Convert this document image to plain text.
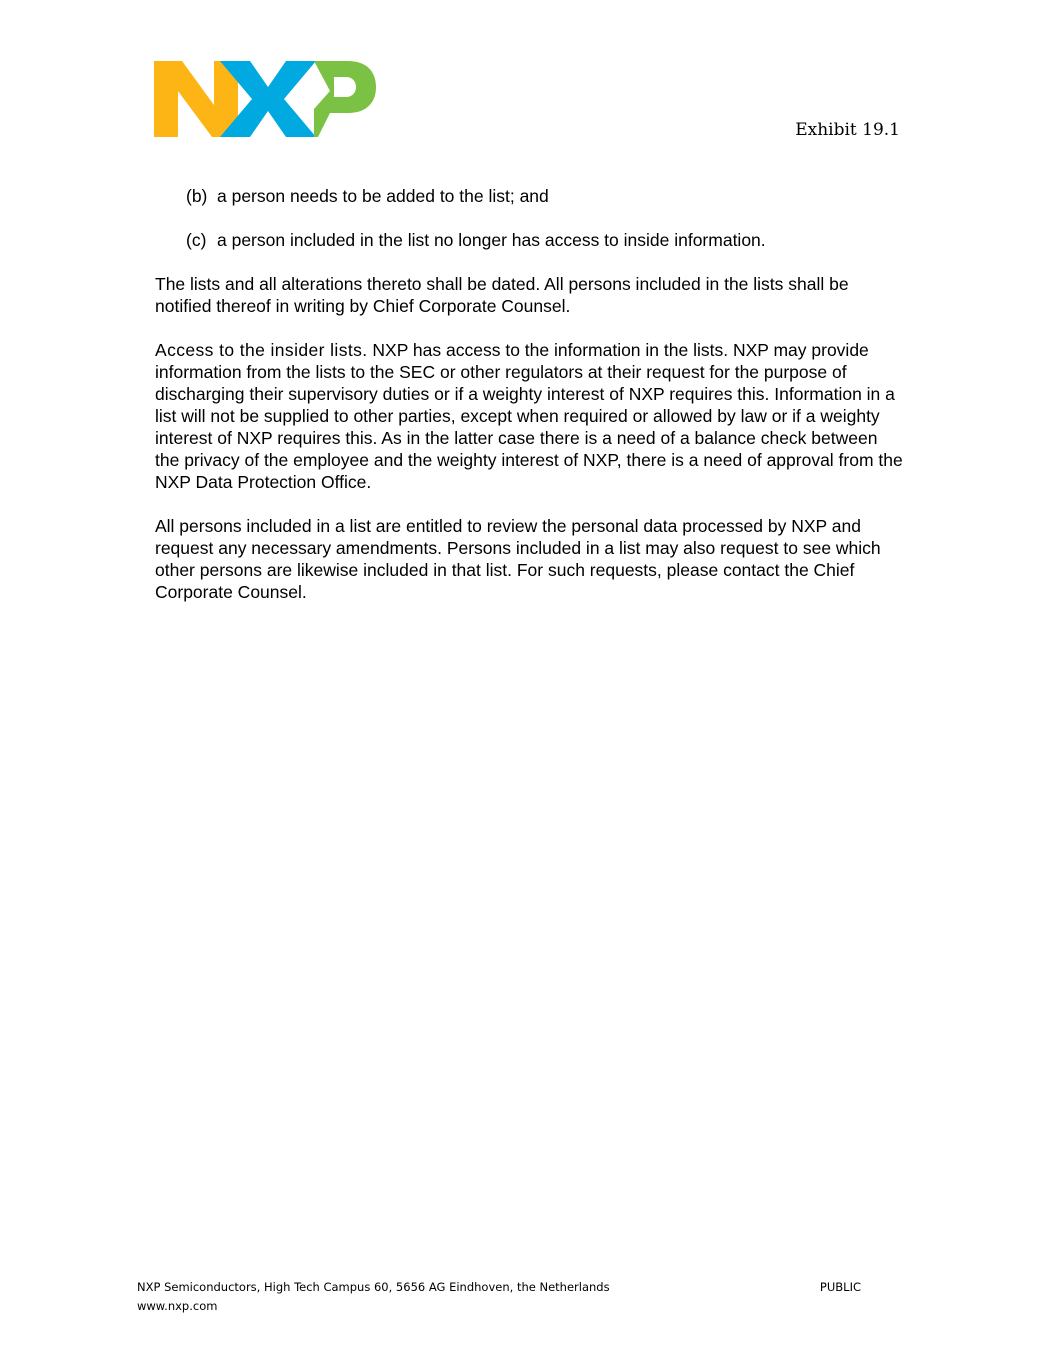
Exhibit 19.1
(b) a person needs to be added to the list; and
(c) a person included in the list no longer has access to inside information.

The lists and all alterations thereto shall be dated. All persons included in the lists shall be notified thereof in writing by Chief Corporate Counsel.

Access to the insider lists. NXP has access to the information in the lists. NXP may provide information from the lists to the SEC or other regulators at their request for the purpose of discharging their supervisory duties or if a weighty interest of NXP requires this. Information in a list will not be supplied to other parties, except when required or allowed by law or if a weighty interest of NXP requires this. As in the latter case there is a need of a balance check between the privacy of the employee and the weighty interest of NXP, there is a need of approval from the NXP Data Protection Office.

All persons included in a list are entitled to review the personal data processed by NXP and request any necessary amendments. Persons included in a list may also request to see which other persons are likewise included in that list. For such requests, please contact the Chief Corporate Counsel.

NXP Semiconductors, High Tech Campus 60, 5656 AG Eindhoven, the Netherlands	PUBLIC
www.nxp.com
